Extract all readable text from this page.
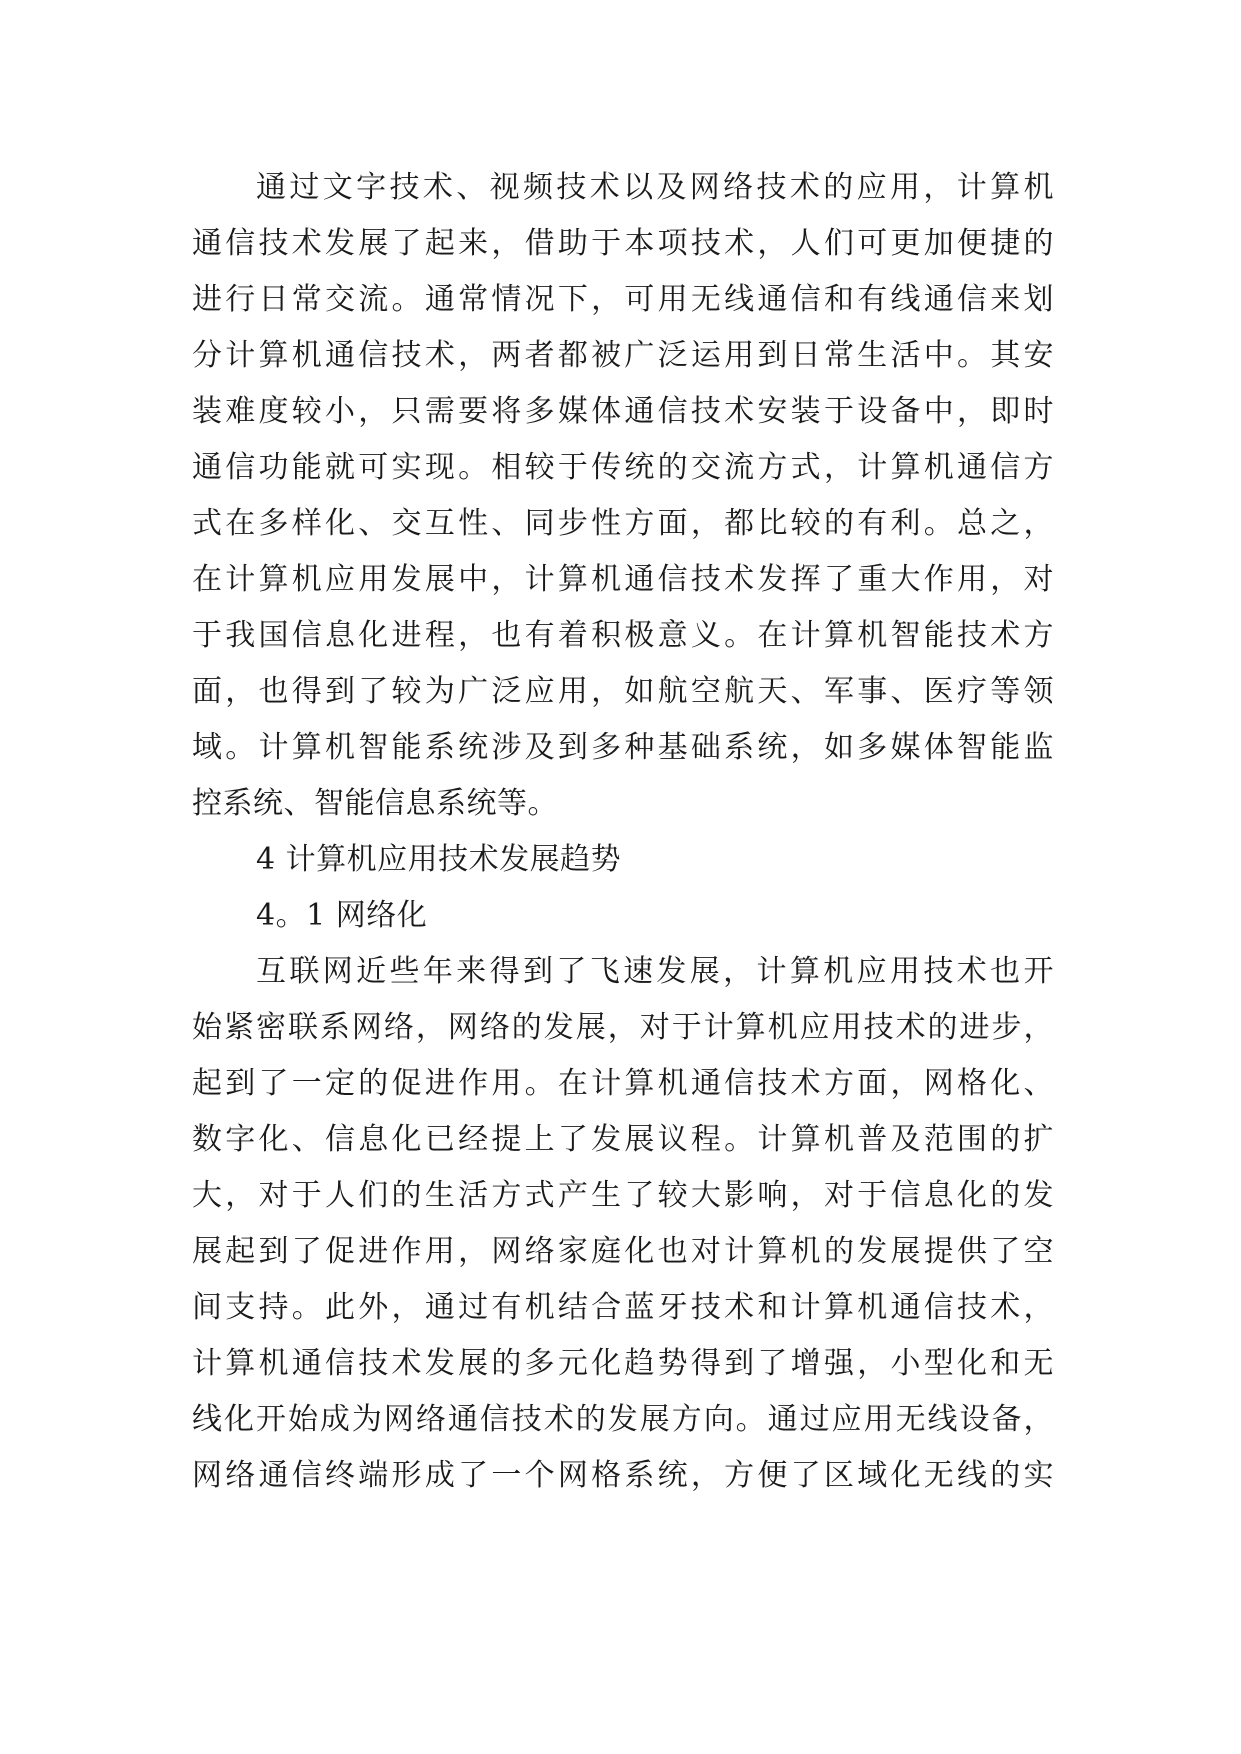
通过文字技术、视频技术以及网络技术的应用，计算机
通信技术发展了起来，借助于本项技术，人们可更加便捷的
进行日常交流。通常情况下，可用无线通信和有线通信来划
分计算机通信技术，两者都被广泛运用到日常生活中。其安
装难度较小，只需要将多媒体通信技术安装于设备中，即时
通信功能就可实现。相较于传统的交流方式，计算机通信方
式在多样化、交互性、同步性方面，都比较的有利。总之，
在计算机应用发展中，计算机通信技术发挥了重大作用，对
于我国信息化进程，也有着积极意义。在计算机智能技术方
面，也得到了较为广泛应用，如航空航天、军事、医疗等领
域。计算机智能系统涉及到多种基础系统，如多媒体智能监
控系统、智能信息系统等。
4 计算机应用技术发展趋势
4。1 网络化
互联网近些年来得到了飞速发展，计算机应用技术也开
始紧密联系网络，网络的发展，对于计算机应用技术的进步，
起到了一定的促进作用。在计算机通信技术方面，网格化、
数字化、信息化已经提上了发展议程。计算机普及范围的扩
大，对于人们的生活方式产生了较大影响，对于信息化的发
展起到了促进作用，网络家庭化也对计算机的发展提供了空
间支持。此外，通过有机结合蓝牙技术和计算机通信技术，
计算机通信技术发展的多元化趋势得到了增强，小型化和无
线化开始成为网络通信技术的发展方向。通过应用无线设备，
网络通信终端形成了一个网格系统，方便了区域化无线的实
